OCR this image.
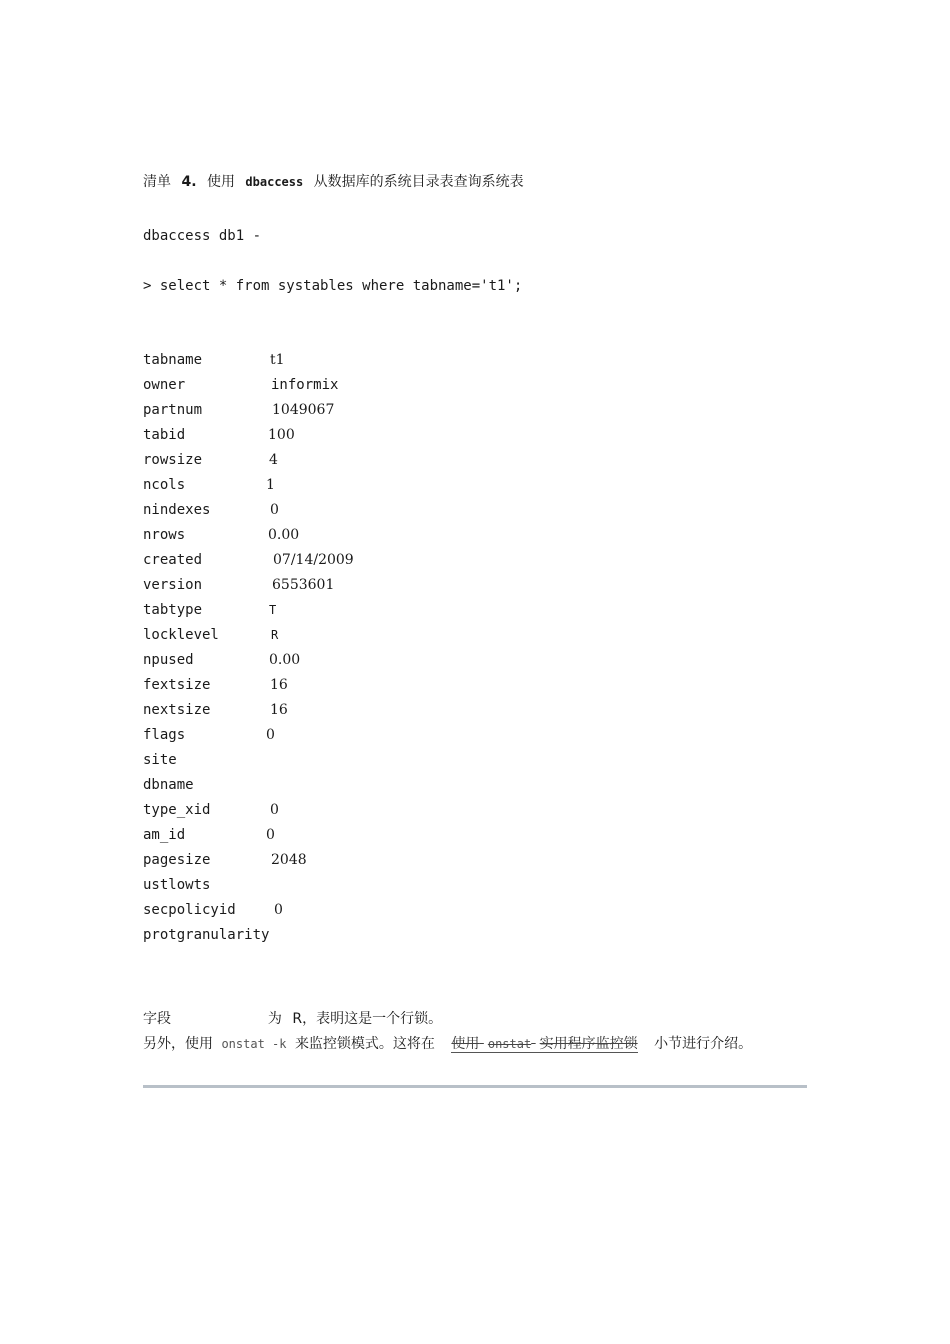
清单 4. 使用 dbaccess 从数据库的系统目录表查询系统表
dbaccess db1 -
> select * from systables where tabname='t1';
tabname	t1
owner	informix
partnum	1049067
tabid	100
rowsize	4
ncols	1
nindexes	0
nrows	0.00
created	07/14/2009
version	6553601
tabtype	T
locklevel	R
npused	0.00
fextsize	16
nextsize	16
flags	0
site
dbname
type_xid	0
am_id	0
pagesize	2048
ustlowts
secpolicyid	0
protgranularity
字段	为 R，表明这是一个行锁。
另外，使用 onstat -k 来监控锁模式。这将在 使用 onstat 实用程序监控锁 小节进行介绍。
